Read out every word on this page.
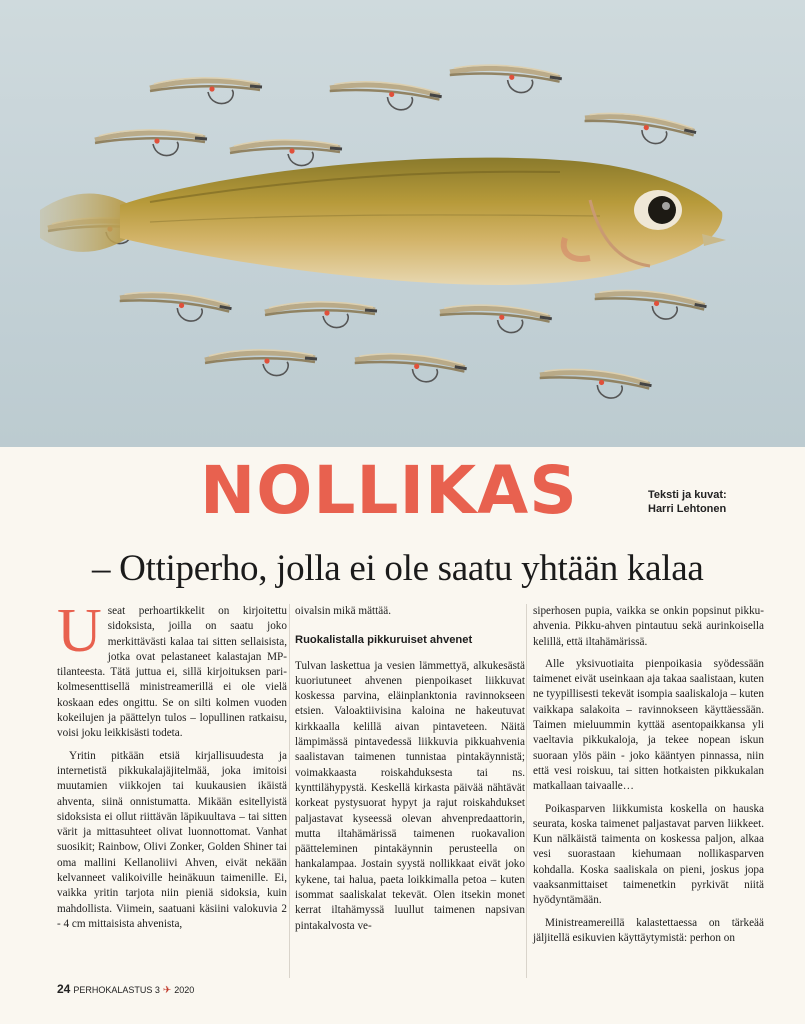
NOLLIKAS	Teksti ja kuvat:
Harri Lehtonen
– Ottiperho, jolla ei ole saatu yhtään kalaa
U seat perhoartikkelit on kirjoitettu sidoksista, joilla on saatu joko merkittävästi kalaa tai sitten sellaisista, jotka ovat pelastaneet kalastajan MP-tilanteesta. Tätä juttua ei, sillä kirjoituksen pari-kolmesenttisellä ministreamerillä ei ole vielä koskaan edes ongittu. Se on silti kolmen vuoden kokeilujen ja päättelyn tulos – lopullinen ratkaisu, voisi joku leikkisästi todeta.

Yritin pitkään etsiä kirjallisuudesta ja internetistä pikkukalajäjitelmää, joka imitoisi muutamien viikkojen tai kuukausien ikäistä ahventa, siinä onnistumatta. Mikään esitellyistä sidoksista ei ollut riittävän läpikuultava – tai sitten värit ja mittasuhteet olivat luonnottomat. Vanhat suosikit; Rainbow, Olivi Zonker, Golden Shiner tai oma mallini Kellanoliivi Ahven, eivät nekään kelvanneet valikoiville heinäkuun taimenille. Ei, vaikka yritin tarjota niin pieniä sidoksia, kuin mahdollista. Viimein, saatuani käsiini valokuvia 2 - 4 cm mittaisista ahvenista,

oivalsin mikä mättää.

Ruokalistalla pikkuruiset ahvenet

Tulvan laskettua ja vesien lämmettyä, alkukesästä kuoriutuneet ahvenen pienpoikaset liikkuvat koskessa parvina, eläinplanktonia ravinnokseen etsien. Valoaktiivisina kaloina ne hakeutuvat kirkkaalla kelillä aivan pintaveteen. Näitä lämpimässä pintavedessä liikkuvia pikkuahvenia saalistavan taimenen tunnistaa pintakäynnistä; voimakkaasta roiskahduksesta tai ns. kynttilähypystä. Keskellä kirkasta päivää nähtävät korkeat pystysuorat hypyt ja rajut roiskahdukset paljastavat kyseessä olevan ahvenpredaattorin, mutta iltahämärissä taimenen ruokavalion päätteleminen pintakäynnin perusteella on hankalampaa. Jostain syystä nollikkaat eivät joko kykene, tai halua, paeta loikkimalla petoa – kuten isommat saaliskalat tekevät. Olen itsekin monet kerrat iltahämyssä luullut taimenen napsivan pintakalvosta ve-

siperhosen pupia, vaikka se onkin popsinut pikku-ahvenia. Pikku-ahven pintautuu sekä aurinkoisella kelillä, että iltahämärissä.

Alle yksivuotiaita pienpoikasia syödessään taimenet eivät useinkaan aja takaa saalistaan, kuten ne tyypillisesti tekevät isompia saaliskaloja – kuten vaikkapa salakoita – ravinnokseen käyttäessään. Taimen mieluummin kyttää asentopaikkansa yli vaeltavia pikkukaloja, ja tekee nopean iskun suoraan ylös päin - joko kääntyen pinnassa, niin että vesi roiskuu, tai sitten hotkaisten pikkukalan matkallaan taivaalle…

Poikasparven liikkumista koskella on hauska seurata, koska taimenet paljastavat parven liikkeet. Kun nälkäistä taimenta on koskessa paljon, alkaa vesi suorastaan kiehumaan nollikasparven kohdalla. Koska saaliskala on pieni, joskus jopa vaaksanmittaiset taimenetkin pyrkivät niitä hyödyntämään.

Ministreamereillä kalastettaessa on tärkeää jäljitellä esikuvien käyttäytymistä: perhon on

24 PERHOKALASTUS 3 ✈ 2020
